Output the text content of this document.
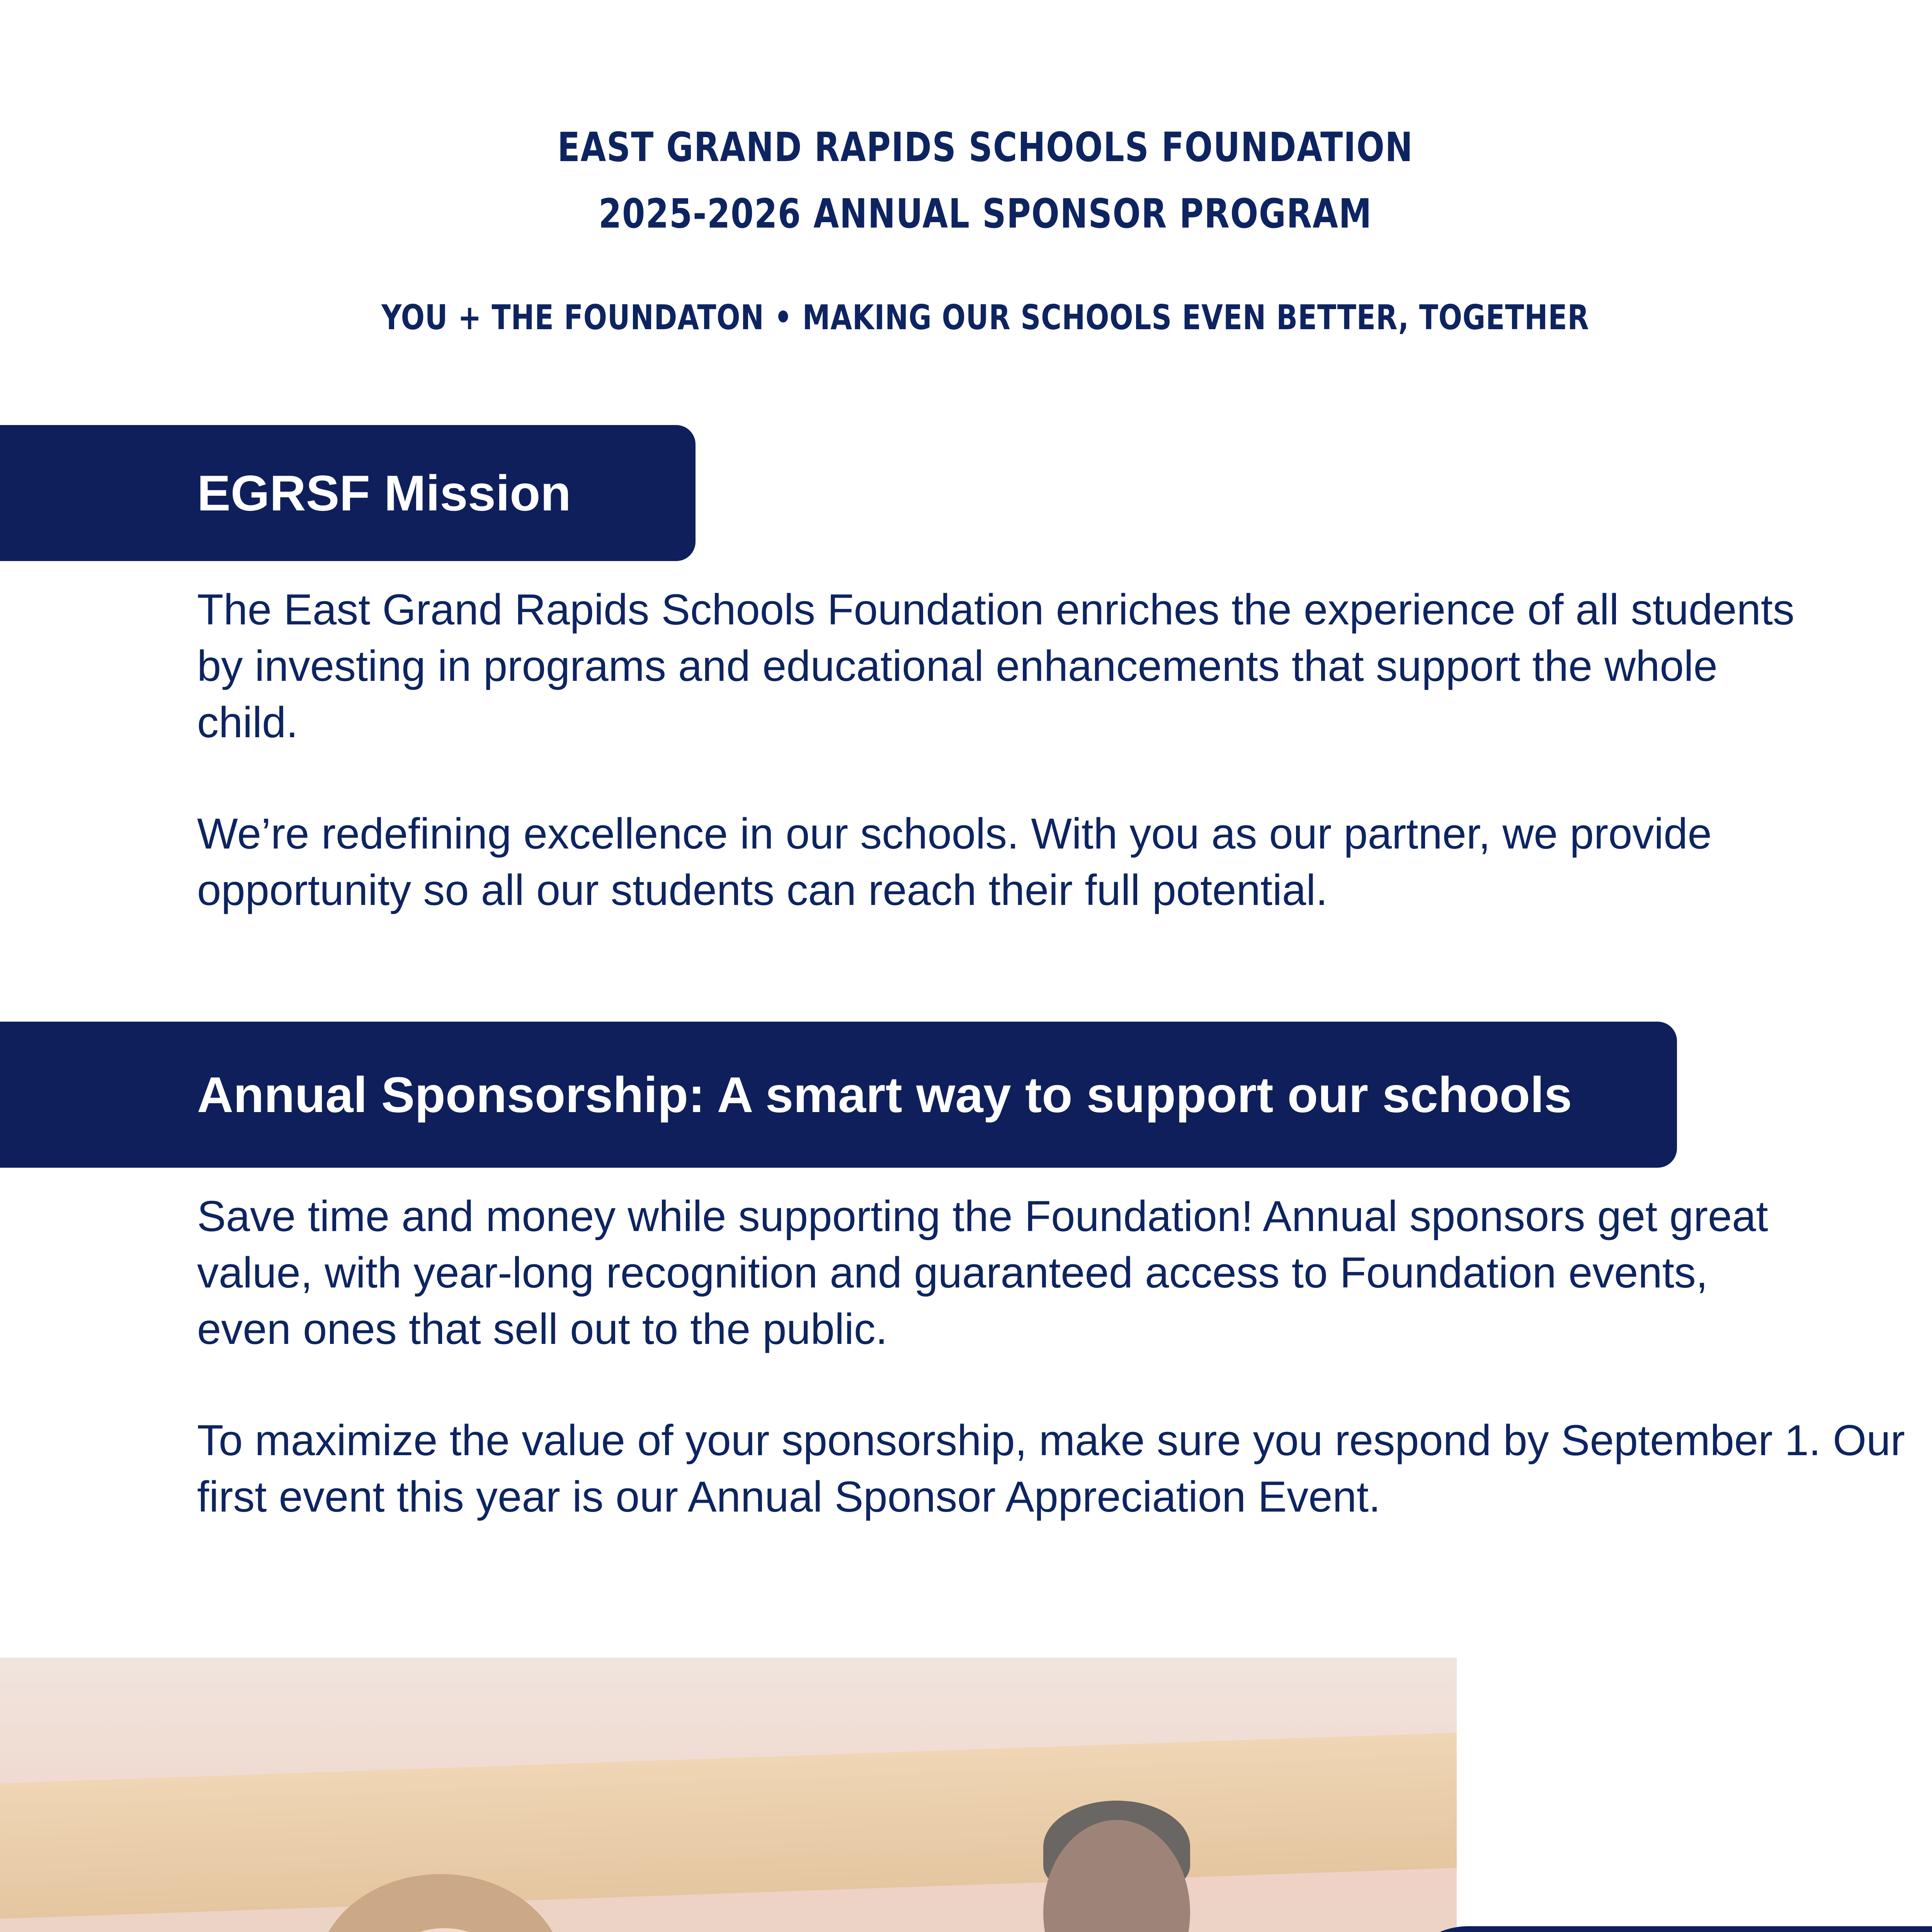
EAST GRAND RAPIDS SCHOOLS FOUNDATION
2025-2026 ANNUAL SPONSOR PROGRAM
YOU + THE FOUNDATON • MAKING OUR SCHOOLS EVEN BETTER, TOGETHER
EGRSF Mission

The East Grand Rapids Schools Foundation enriches the experience of all students by investing in programs and educational enhancements that support the whole child.

We’re redefining excellence in our schools. With you as our partner, we provide opportunity so all our students can reach their full potential.

Annual Sponsorship: A smart way to support our schools

Save time and money while supporting the Foundation! Annual sponsors get great value, with year-long recognition and guaranteed access to Foundation events, even ones that sell out to the public.

To maximize the value of your sponsorship, make sure you respond by September 1. Our first event this year is our Annual Sponsor Appreciation Event.
